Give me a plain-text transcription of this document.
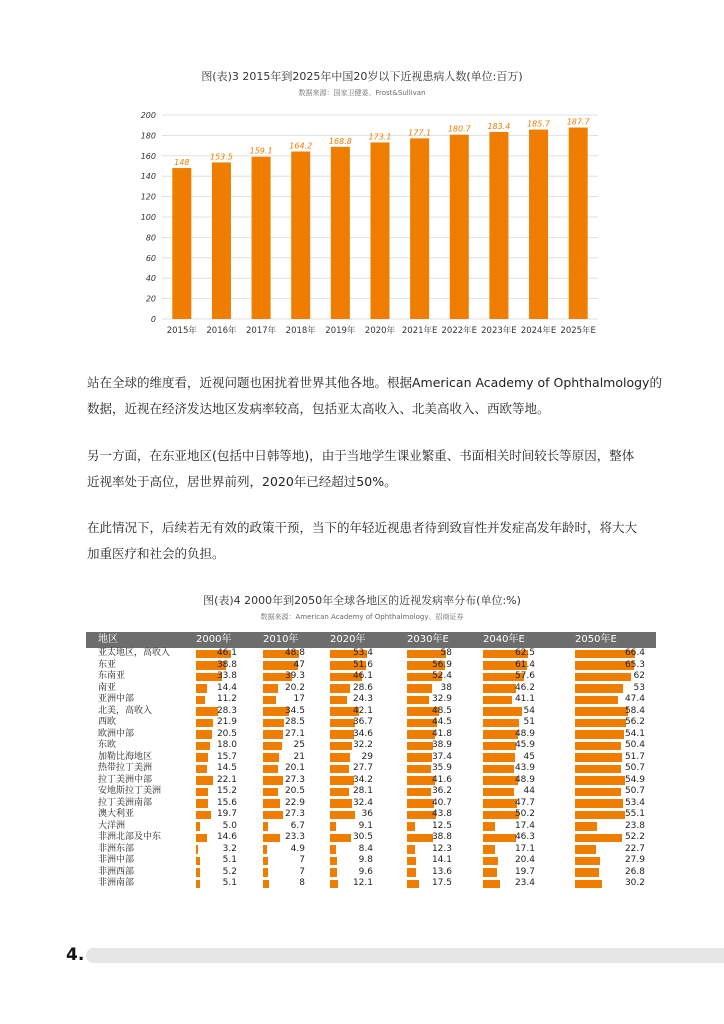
图(表)3 2015年到2025年中国20岁以下近视患病人数(单位:百万)
数据来源：国家卫健委、Frost&Sullivan
0
20
40
60
80
100
120
140
160
180
200
148
2015年
153.5
2016年
159.1
2017年
164.2
2018年
168.8
2019年
173.1
2020年
177.1
2021年E
180.7
2022年E
183.4
2023年E
185.7
2024年E
187.7
2025年E
站在全球的维度看，近视问题也困扰着世界其他各地。根据American Academy of Ophthalmology的
数据，近视在经济发达地区发病率较高，包括亚太高收入、北美高收入、西欧等地。
另一方面，在东亚地区(包括中日韩等地)，由于当地学生课业繁重、书面相关时间较长等原因，整体
近视率处于高位，居世界前列，2020年已经超过50%。
在此情况下，后续若无有效的政策干预，当下的年轻近视患者待到致盲性并发症高发年龄时，将大大
加重医疗和社会的负担。
图(表)4 2000年到2050年全球各地区的近视发病率分布(单位:%)
数据来源：American Academy of Ophthalmology、招商证券
地区	2000年	2010年	2020年	2030年E	2040年E	2050年E
亚太地区，高收入	46.1	48.8	53.4	58	62.5	66.4
东亚	38.8	47	51.6	56.9	61.4	65.3
东南亚	33.8	39.3	46.1	52.4	57.6	62
南亚	14.4	20.2	28.6	38	46.2	53
亚洲中部	11.2	17	24.3	32.9	41.1	47.4
北美，高收入	28.3	34.5	42.1	48.5	54	58.4
西欧	21.9	28.5	36.7	44.5	51	56.2
欧洲中部	20.5	27.1	34.6	41.8	48.9	54.1
东欧	18.0	25	32.2	38.9	45.9	50.4
加勒比海地区	15.7	21	29	37.4	45	51.7
热带拉丁美洲	14.5	20.1	27.7	35.9	43.9	50.7
拉丁美洲中部	22.1	27.3	34.2	41.6	48.9	54.9
安地斯拉丁美洲	15.2	20.5	28.1	36.2	44	50.7
拉丁美洲南部	15.6	22.9	32.4	40.7	47.7	53.4
澳大利亚	19.7	27.3	36	43.8	50.2	55.1
大洋洲	5.0	6.7	9.1	12.5	17.4	23.8
非洲北部及中东	14.6	23.3	30.5	38.8	46.3	52.2
非洲东部	3.2	4.9	8.4	12.3	17.1	22.7
非洲中部	5.1	7	9.8	14.1	20.4	27.9
非洲西部	5.2	7	9.6	13.6	19.7	26.8
非洲南部	5.1	8	12.1	17.5	23.4	30.2
4.
